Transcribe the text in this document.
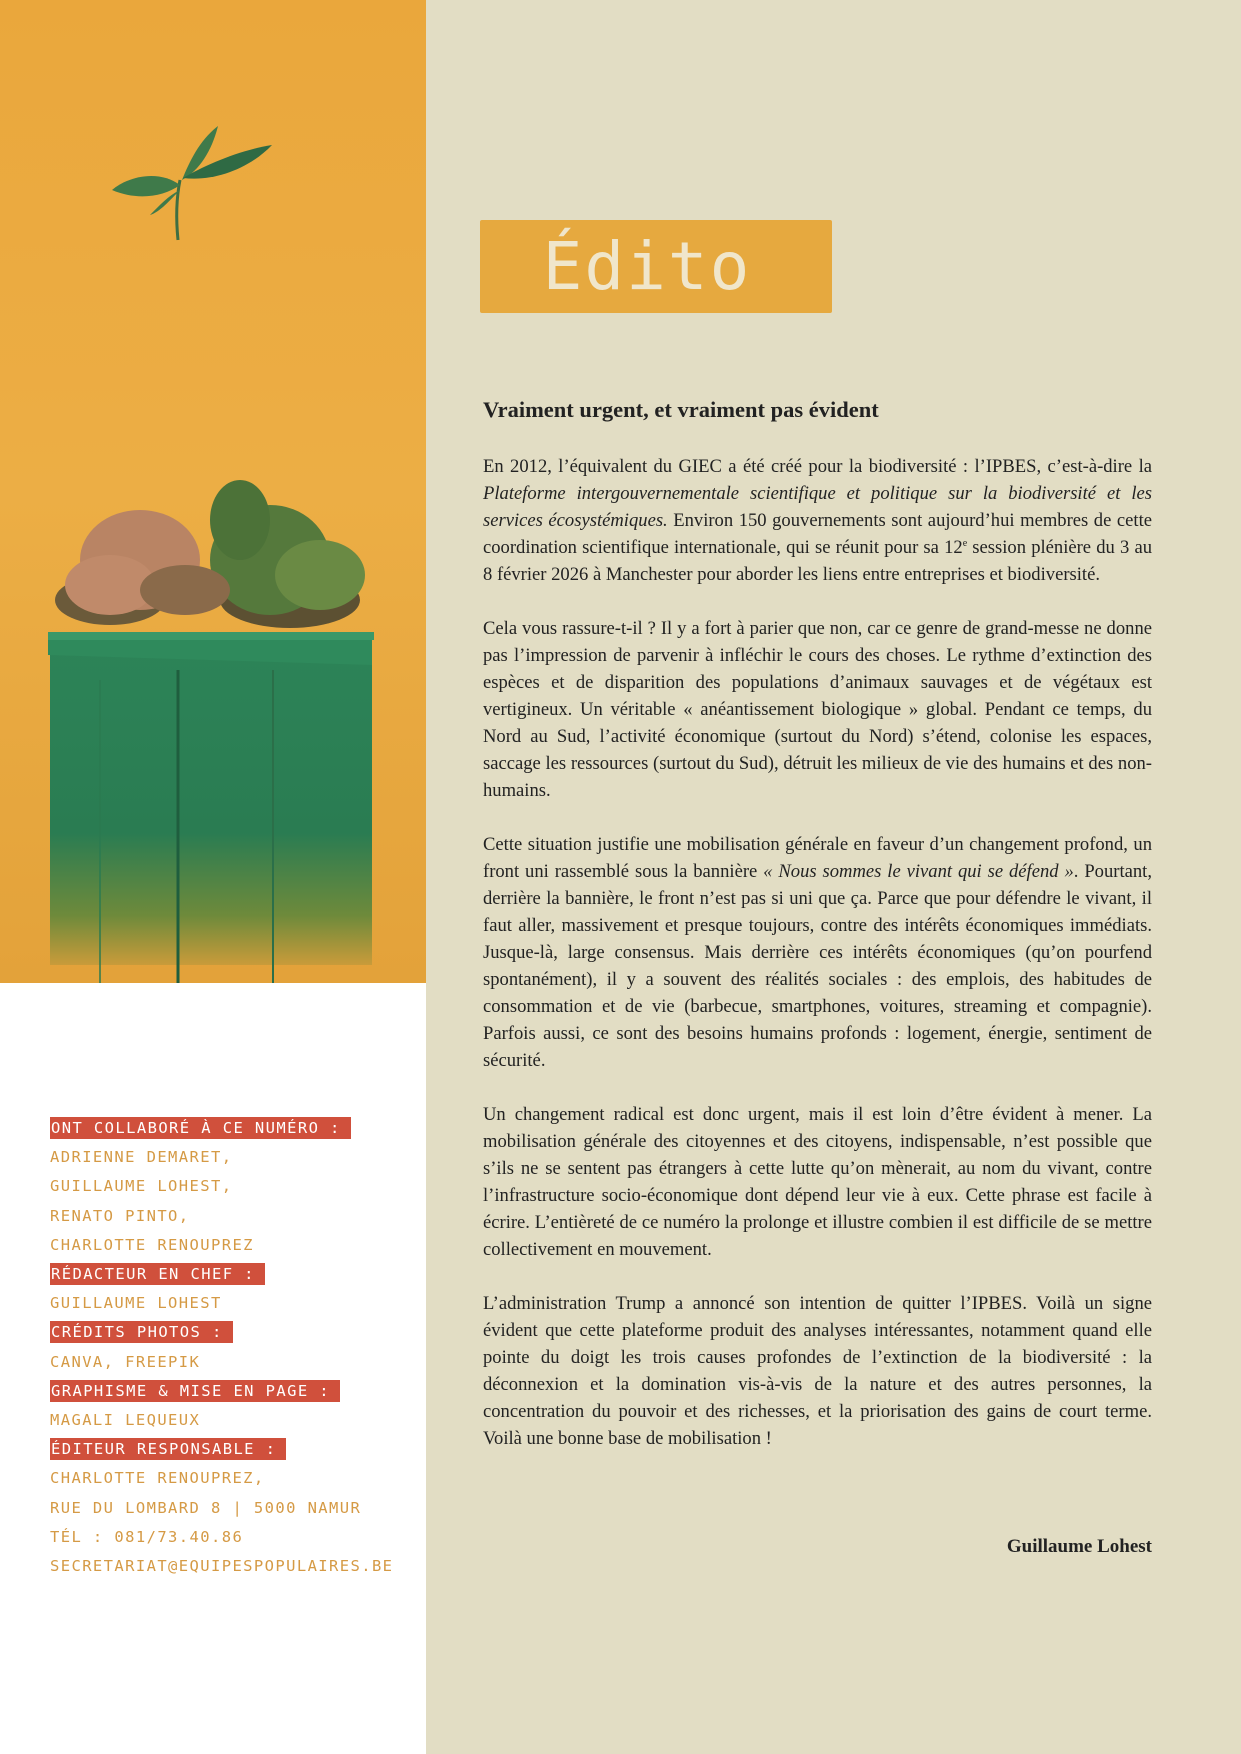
ONT COLLABORÉ À CE NUMÉRO :
ADRIENNE DEMARET,
GUILLAUME LOHEST,
RENATO PINTO,
CHARLOTTE RENOUPREZ
RÉDACTEUR EN CHEF :
GUILLAUME LOHEST
CRÉDITS PHOTOS :
CANVA, FREEPIK
GRAPHISME & MISE EN PAGE :
MAGALI LEQUEUX
ÉDITEUR RESPONSABLE :
CHARLOTTE RENOUPREZ,
RUE DU LOMBARD 8 | 5000 NAMUR
TÉL : 081/73.40.86
SECRETARIAT@EQUIPESPOPULAIRES.BE
Édito
Vraiment urgent, et vraiment pas évident

En 2012, l’équivalent du GIEC a été créé pour la biodiversité : l’IPBES, c’est-à-dire la Plateforme intergouvernementale scientifique et politique sur la biodiversité et les services écosystémiques. Environ 150 gouvernements sont aujourd’hui membres de cette coordination scientifique internationale, qui se réunit pour sa 12e session plénière du 3 au 8 février 2026 à Manchester pour aborder les liens entre entreprises et biodiversité.

Cela vous rassure-t-il ? Il y a fort à parier que non, car ce genre de grand-messe ne donne pas l’impression de parvenir à infléchir le cours des choses. Le rythme d’extinction des espèces et de disparition des populations d’animaux sauvages et de végétaux est vertigineux. Un véritable « anéantissement biologique » global. Pendant ce temps, du Nord au Sud, l’activité économique (surtout du Nord) s’étend, colonise les espaces, saccage les ressources (surtout du Sud), détruit les milieux de vie des humains et des non-humains.

Cette situation justifie une mobilisation générale en faveur d’un changement profond, un front uni rassemblé sous la bannière « Nous sommes le vivant qui se défend ». Pourtant, derrière la bannière, le front n’est pas si uni que ça. Parce que pour défendre le vivant, il faut aller, massivement et presque toujours, contre des intérêts économiques immédiats. Jusque-là, large consensus. Mais derrière ces intérêts économiques (qu’on pourfend spontanément), il y a souvent des réalités sociales : des emplois, des habitudes de consommation et de vie (barbecue, smartphones, voitures, streaming et compagnie). Parfois aussi, ce sont des besoins humains profonds : logement, énergie, sentiment de sécurité.

Un changement radical est donc urgent, mais il est loin d’être évident à mener. La mobilisation générale des citoyennes et des citoyens, indispensable, n’est possible que s’ils ne se sentent pas étrangers à cette lutte qu’on mènerait, au nom du vivant, contre l’infrastructure socio-économique dont dépend leur vie à eux. Cette phrase est facile à écrire. L’entièreté de ce numéro la prolonge et illustre combien il est difficile de se mettre collectivement en mouvement.

L’administration Trump a annoncé son intention de quitter l’IPBES. Voilà un signe évident que cette plateforme produit des analyses intéressantes, notamment quand elle pointe du doigt les trois causes profondes de l’extinction de la biodiversité : la déconnexion et la domination vis-à-vis de la nature et des autres personnes, la concentration du pouvoir et des richesses, et la priorisation des gains de court terme. Voilà une bonne base de mobilisation !

Guillaume Lohest
